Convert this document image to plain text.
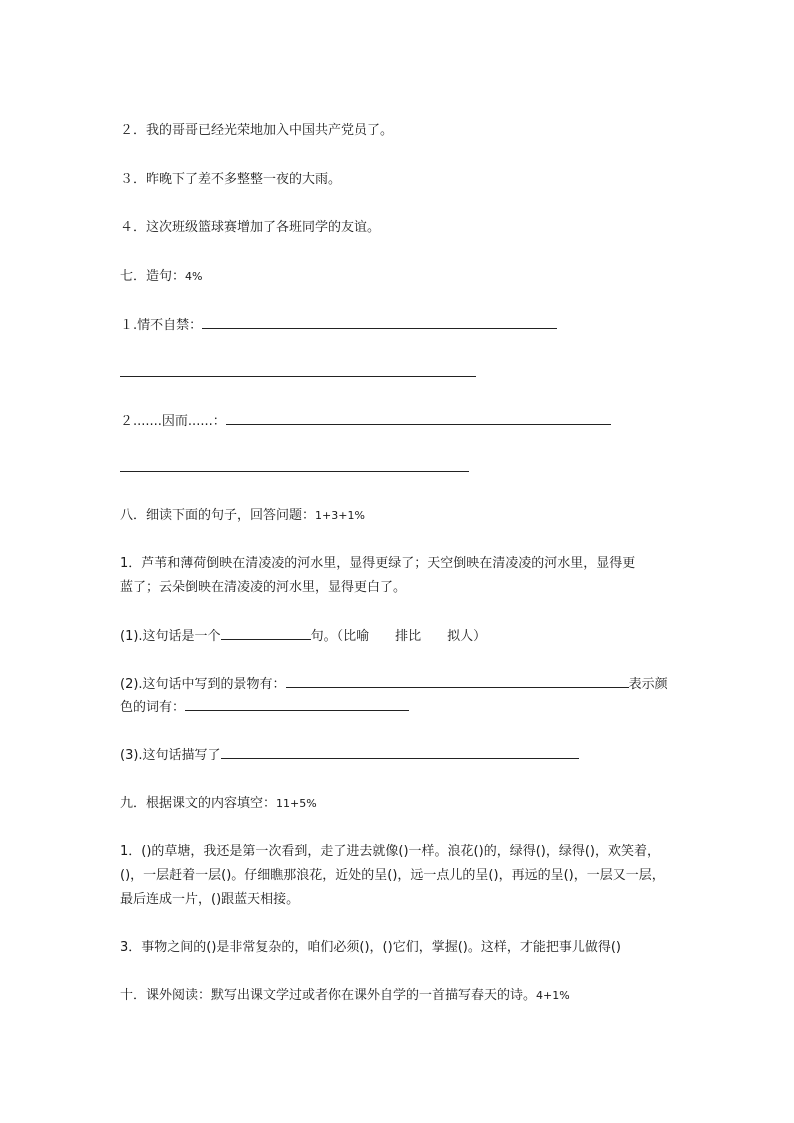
２．我的哥哥已经光荣地加入中国共产党员了。
３．昨晚下了差不多整整一夜的大雨。
４．这次班级篮球赛增加了各班同学的友谊。
七．造句：4%
１.情不自禁：
２.......因而......：
八．细读下面的句子，回答问题：1+3+1%
1．芦苇和薄荷倒映在清凌凌的河水里，显得更绿了；天空倒映在清凌凌的河水里，显得更
蓝了；云朵倒映在清凌凌的河水里，显得更白了。
(1).这句话是一个	句。（比喻 排比 拟人）
(2).这句话中写到的景物有：	表示颜
色的词有：
(3).这句话描写了
九．根据课文的内容填空：11+5%
1．()的草塘，我还是第一次看到，走了进去就像()一样。浪花()的，绿得()，绿得()，欢笑着，
()，一层赶着一层()。仔细瞧那浪花，近处的呈()，远一点儿的呈()，再远的呈()，一层又一层，
最后连成一片，()跟蓝天相接。
3．事物之间的()是非常复杂的，咱们必须()，()它们，掌握()。这样，才能把事儿做得()
十．课外阅读：默写出课文学过或者你在课外自学的一首描写春天的诗。4+1%
